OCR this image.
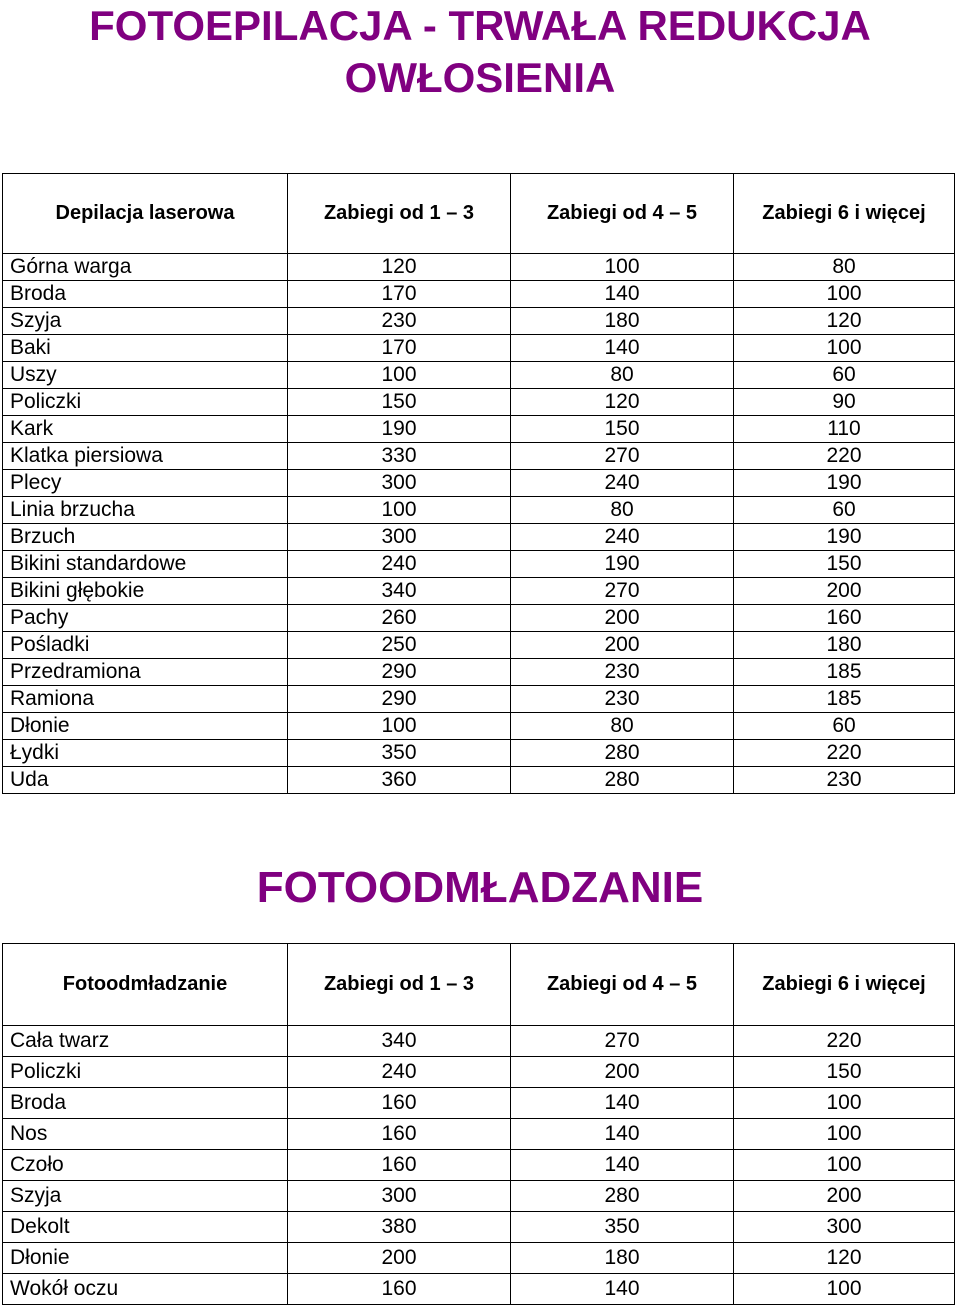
FOTOEPILACJA - TRWAŁA REDUKCJA OWŁOSIENIA
Depilacja laserowa	Zabiegi od 1 – 3	Zabiegi od 4 – 5	Zabiegi 6 i więcej
Górna warga	120	100	80
Broda	170	140	100
Szyja	230	180	120
Baki	170	140	100
Uszy	100	80	60
Policzki	150	120	90
Kark	190	150	110
Klatka piersiowa	330	270	220
Plecy	300	240	190
Linia brzucha	100	80	60
Brzuch	300	240	190
Bikini standardowe	240	190	150
Bikini głębokie	340	270	200
Pachy	260	200	160
Pośladki	250	200	180
Przedramiona	290	230	185
Ramiona	290	230	185
Dłonie	100	80	60
Łydki	350	280	220
Uda	360	280	230
FOTOODMŁADZANIE
Fotoodmładzanie	Zabiegi od 1 – 3	Zabiegi od 4 – 5	Zabiegi 6 i więcej
Cała twarz	340	270	220
Policzki	240	200	150
Broda	160	140	100
Nos	160	140	100
Czoło	160	140	100
Szyja	300	280	200
Dekolt	380	350	300
Dłonie	200	180	120
Wokół oczu	160	140	100
